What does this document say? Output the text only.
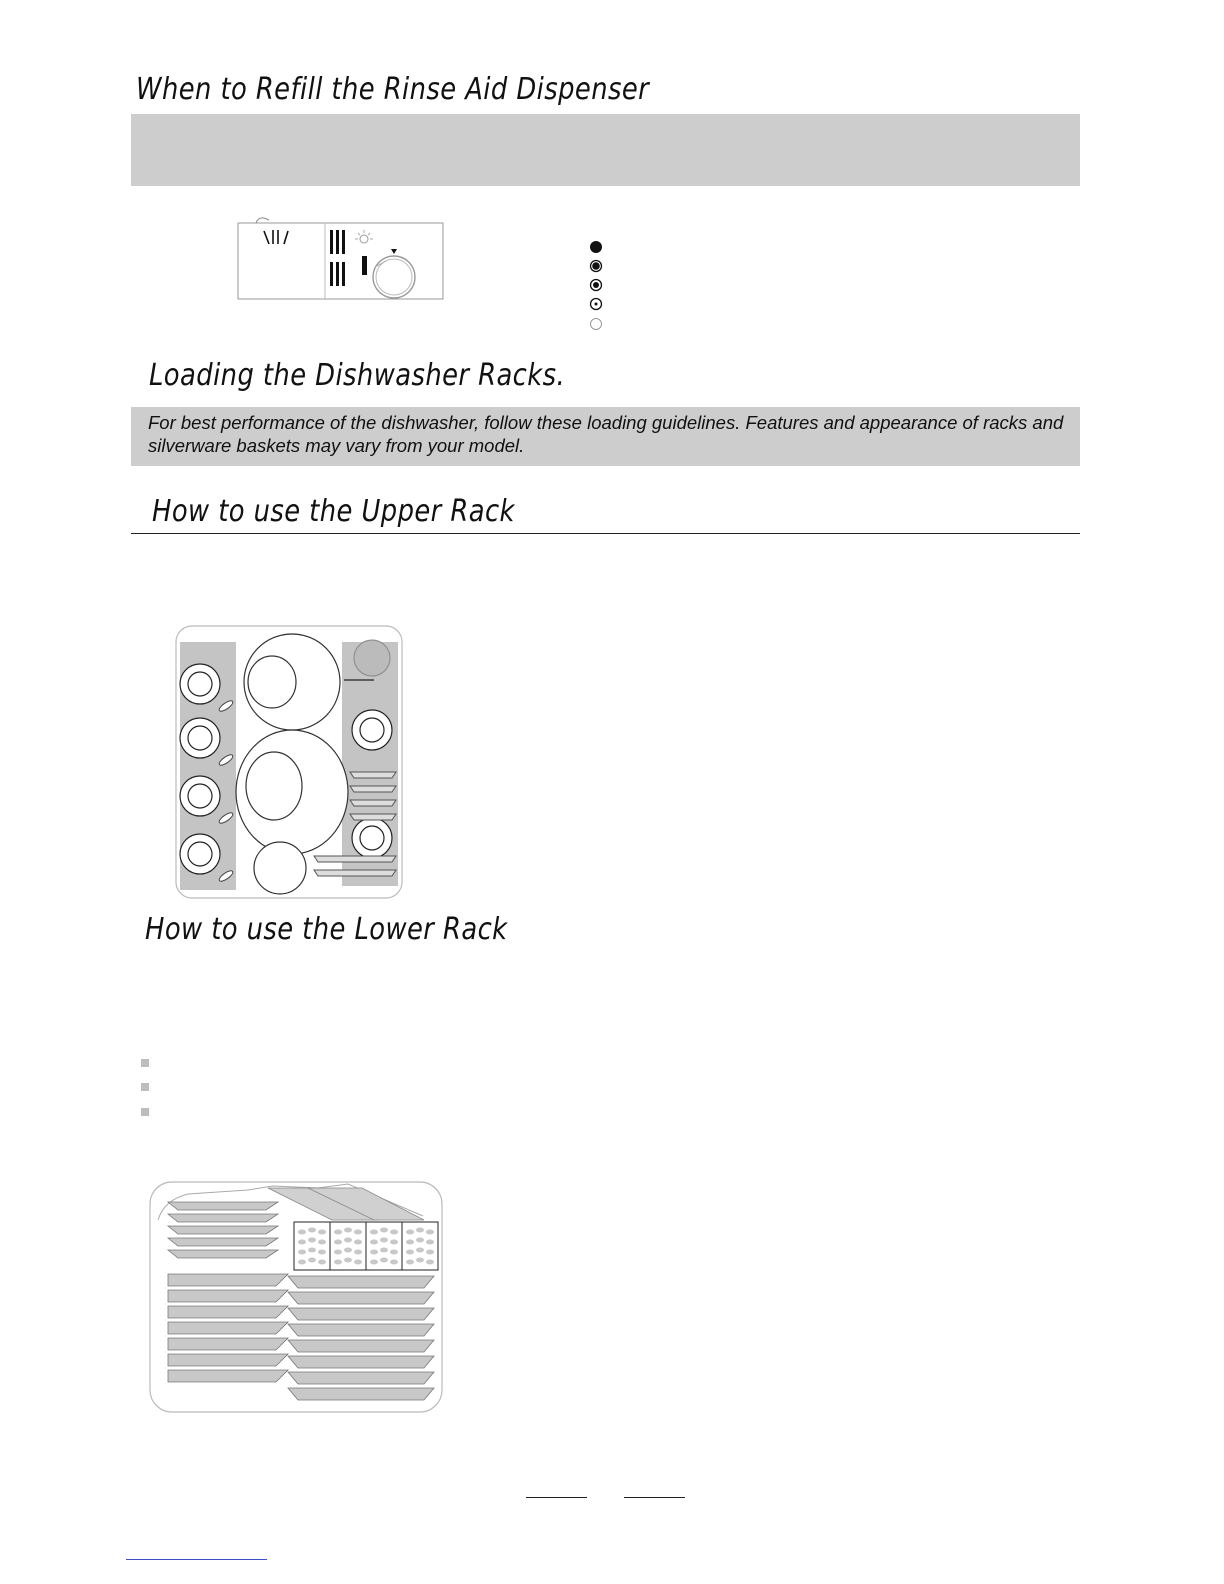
When to Refill the Rinse Aid Dispenser
Loading the Dishwasher Racks.

For best performance of the dishwasher, follow these loading guidelines. Features and appearance of racks and

silverware baskets may vary from your model.

How to use the Upper Rack
How to use the Lower Rack
